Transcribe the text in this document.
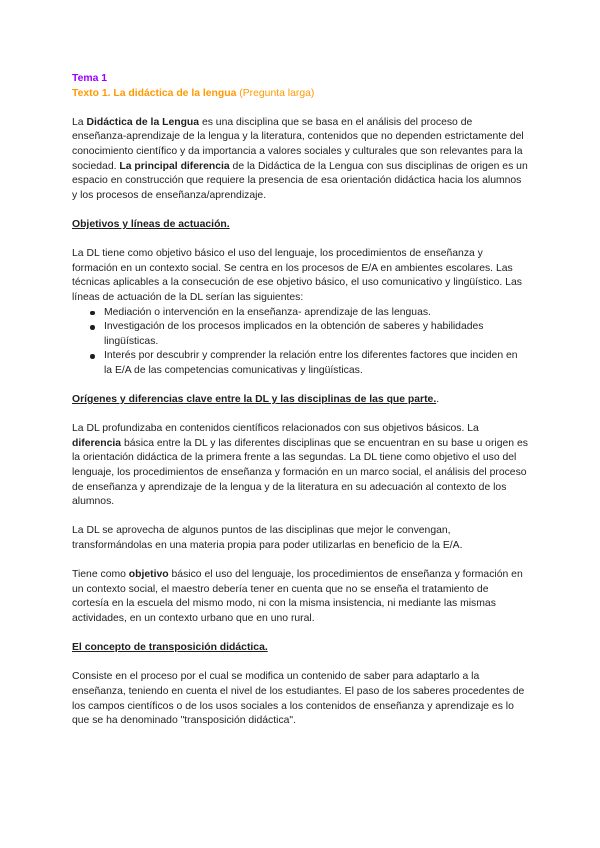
Tema 1

Texto 1. La didáctica de la lengua (Pregunta larga)

La Didáctica de la Lengua es una disciplina que se basa en el análisis del proceso de enseñanza-aprendizaje de la lengua y la literatura, contenidos que no dependen estrictamente del conocimiento científico y da importancia a valores sociales y culturales que son relevantes para la sociedad. La principal diferencia de la Didáctica de la Lengua con sus disciplinas de origen es un espacio en construcción que requiere la presencia de esa orientación didáctica hacia los alumnos y los procesos de enseñanza/aprendizaje.

Objetivos y líneas de actuación.

La DL tiene como objetivo básico el uso del lenguaje, los procedimientos de enseñanza y formación en un contexto social. Se centra en los procesos de E/A en ambientes escolares. Las técnicas aplicables a la consecución de ese objetivo básico, el uso comunicativo y lingüístico. Las líneas de actuación de la DL serían las siguientes:

Mediación o intervención en la enseñanza- aprendizaje de las lenguas.
Investigación de los procesos implicados en la obtención de saberes y habilidades lingüísticas.
Interés por descubrir y comprender la relación entre los diferentes factores que inciden en la E/A de las competencias comunicativas y lingüísticas.

Orígenes y diferencias clave entre la DL y las disciplinas de las que parte..

La DL profundizaba en contenidos científicos relacionados con sus objetivos básicos. La diferencia básica entre la DL y las diferentes disciplinas que se encuentran en su base u origen es la orientación didáctica de la primera frente a las segundas. La DL tiene como objetivo el uso del lenguaje, los procedimientos de enseñanza y formación en un marco social, el análisis del proceso de enseñanza y aprendizaje de la lengua y de la literatura en su adecuación al contexto de los alumnos.

La DL se aprovecha de algunos puntos de las disciplinas que mejor le convengan, transformándolas en una materia propia para poder utilizarlas en beneficio de la E/A.

Tiene como objetivo básico el uso del lenguaje, los procedimientos de enseñanza y formación en un contexto social, el maestro debería tener en cuenta que no se enseña el tratamiento de cortesía en la escuela del mismo modo, ni con la misma insistencia, ni mediante las mismas actividades, en un contexto urbano que en uno rural.

El concepto de transposición didáctica.

Consiste en el proceso por el cual se modifica un contenido de saber para adaptarlo a la enseñanza, teniendo en cuenta el nivel de los estudiantes. El paso de los saberes procedentes de los campos científicos o de los usos sociales a los contenidos de enseñanza y aprendizaje es lo que se ha denominado "transposición didáctica".
